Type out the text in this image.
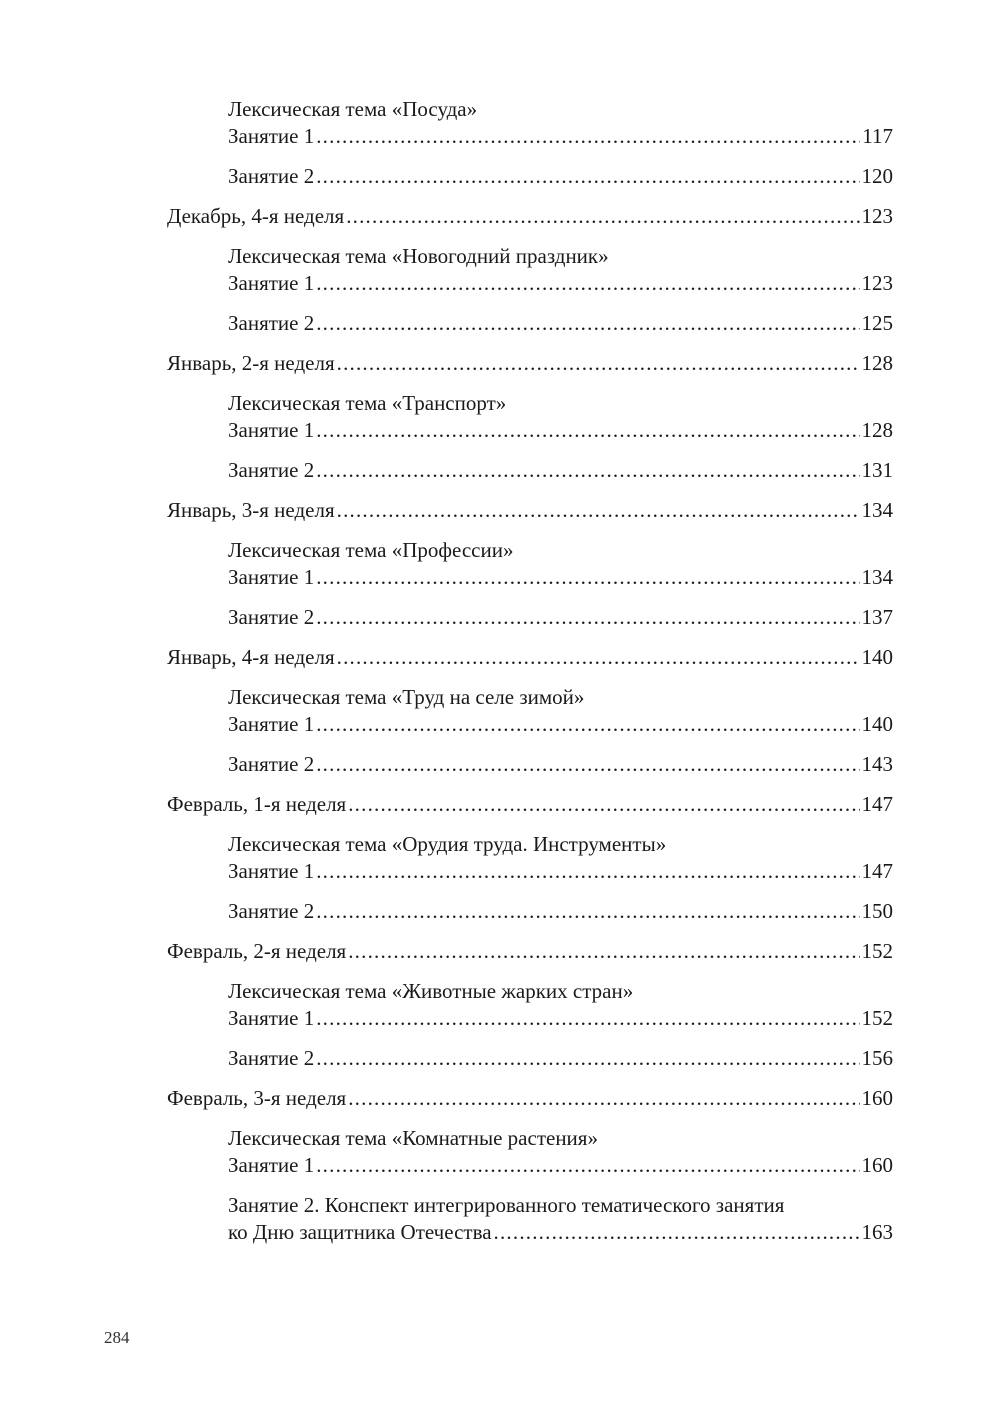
Лексическая тема «Посуда»
Занятие 1 .....	117
Занятие 2 .....	120
Декабрь, 4-я неделя .....	123
Лексическая тема «Новогодний праздник»
Занятие 1 .....	123
Занятие 2 .....	125
Январь, 2-я неделя .....	128
Лексическая тема «Транспорт»
Занятие 1 .....	128
Занятие 2 .....	131
Январь, 3-я неделя .....	134
Лексическая тема «Профессии»
Занятие 1 .....	134
Занятие 2 .....	137
Январь, 4-я неделя .....	140
Лексическая тема «Труд на селе зимой»
Занятие 1 .....	140
Занятие 2 .....	143
Февраль, 1-я неделя .....	147
Лексическая тема «Орудия труда. Инструменты»
Занятие 1 .....	147
Занятие 2 .....	150
Февраль, 2-я неделя .....	152
Лексическая тема «Животные жарких стран»
Занятие 1 .....	152
Занятие 2 .....	156
Февраль, 3-я неделя .....	160
Лексическая тема «Комнатные растения»
Занятие 1 .....	160
Занятие 2. Конспект интегрированного тематического занятия
ко Дню защитника Отечества .....	163
284
